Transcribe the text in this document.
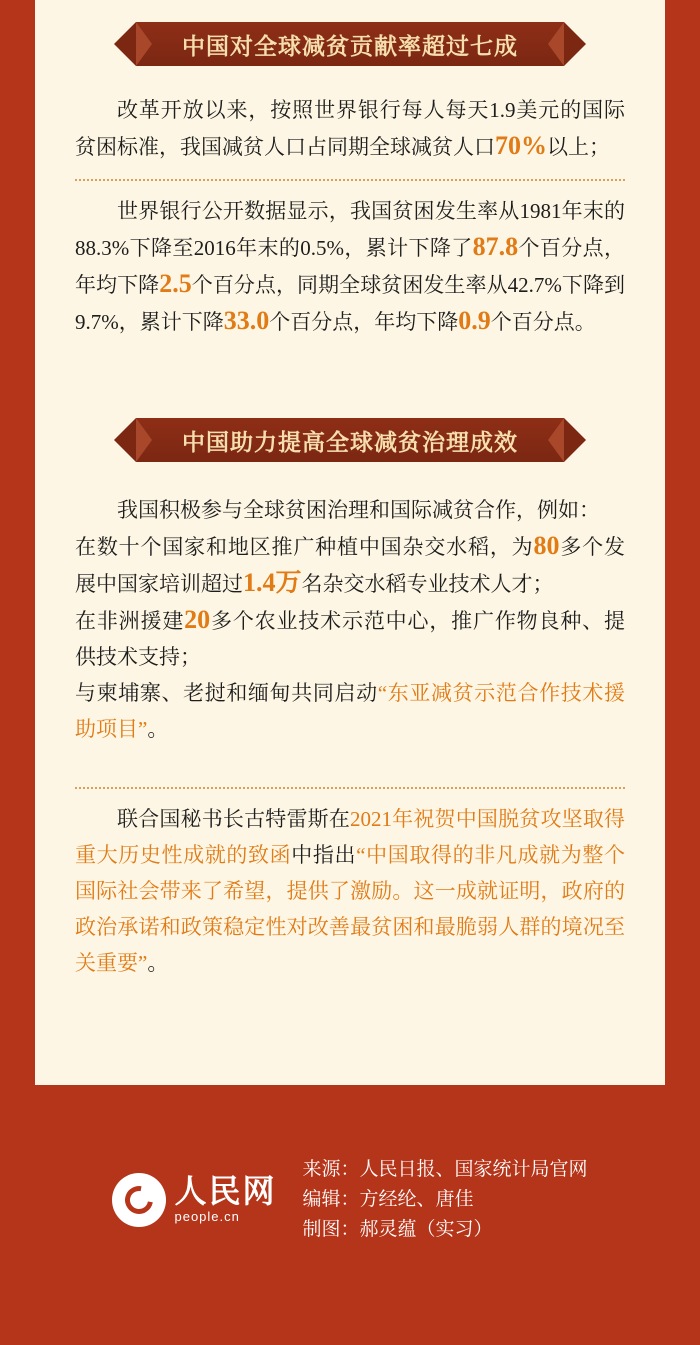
中国对全球减贫贡献率超过七成

改革开放以来，按照世界银行每人每天1.9美元的国际贫困标准，我国减贫人口占同期全球减贫人口70%以上；

世界银行公开数据显示，我国贫困发生率从1981年末的88.3%下降至2016年末的0.5%，累计下降了87.8个百分点，年均下降2.5个百分点，同期全球贫困发生率从42.7%下降到9.7%，累计下降33.0个百分点，年均下降0.9个百分点。

中国助力提高全球减贫治理成效

我国积极参与全球贫困治理和国际减贫合作，例如：

在数十个国家和地区推广种植中国杂交水稻，为80多个发展中国家培训超过1.4万名杂交水稻专业技术人才；

在非洲援建20多个农业技术示范中心，推广作物良种、提供技术支持；

与柬埔寨、老挝和缅甸共同启动“东亚减贫示范合作技术援助项目”。

联合国秘书长古特雷斯在2021年祝贺中国脱贫攻坚取得重大历史性成就的致函中指出“中国取得的非凡成就为整个国际社会带来了希望，提供了激励。这一成就证明，政府的政治承诺和政策稳定性对改善最贫困和最脆弱人群的境况至关重要”。

人民网
people.cn
来源：人民日报、国家统计局官网
编辑：方经纶、唐佳
制图：郝灵蕴（实习）
